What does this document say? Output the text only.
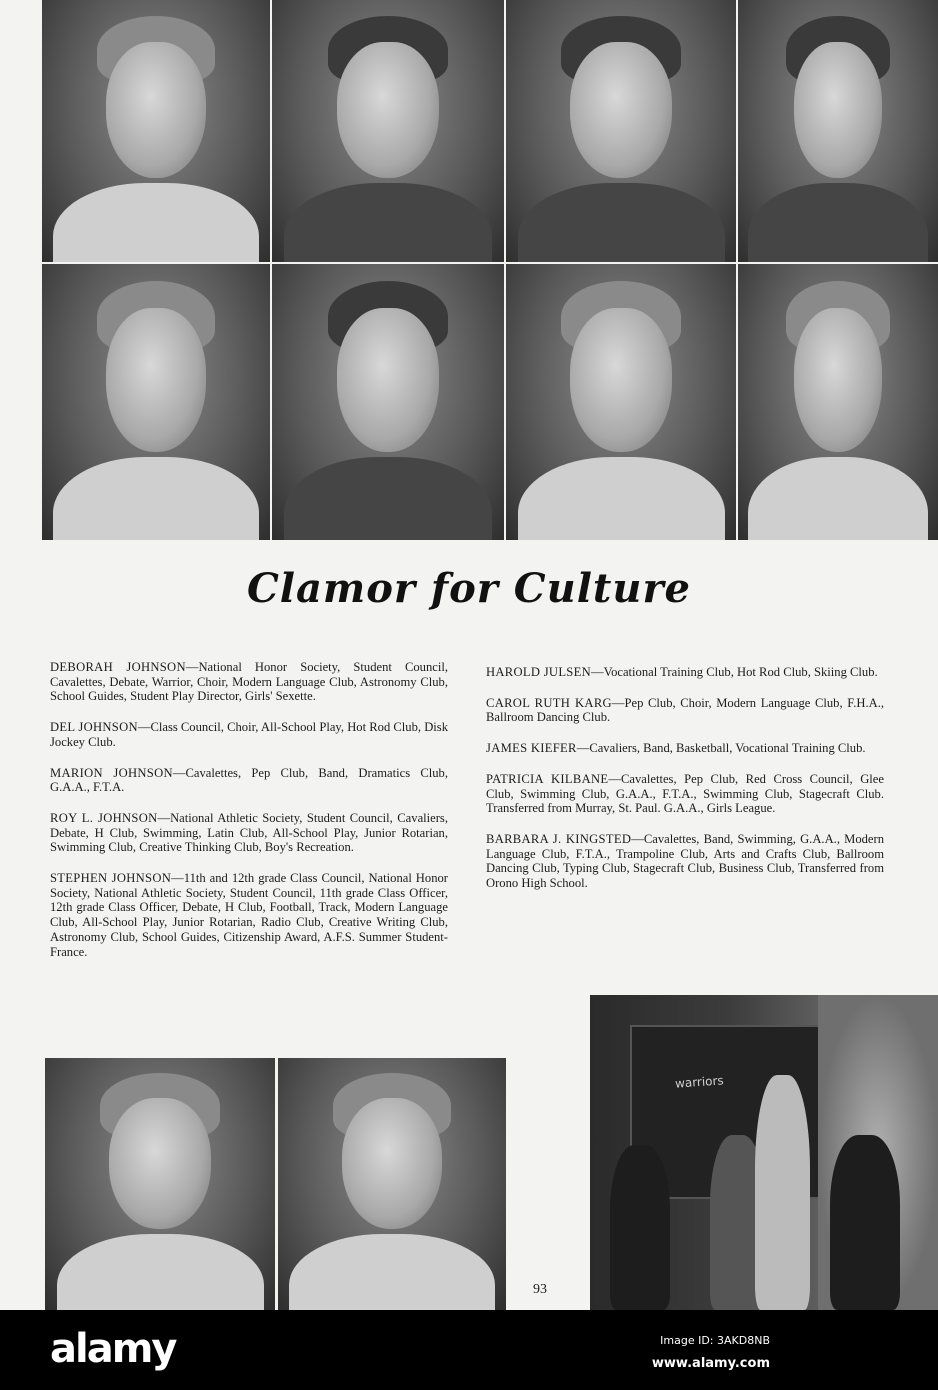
Clamor for Culture

DEBORAH JOHNSON—National Honor Society, Student Council, Cavalettes, Debate, Warrior, Choir, Modern Language Club, Astronomy Club, School Guides, Student Play Director, Girls' Sexette.

DEL JOHNSON—Class Council, Choir, All-School Play, Hot Rod Club, Disk Jockey Club.

MARION JOHNSON—Cavalettes, Pep Club, Band, Dramatics Club, G.A.A., F.T.A.

ROY L. JOHNSON—National Athletic Society, Student Council, Cavaliers, Debate, H Club, Swimming, Latin Club, All-School Play, Junior Rotarian, Swimming Club, Creative Thinking Club, Boy's Recreation.

STEPHEN JOHNSON—11th and 12th grade Class Council, National Honor Society, National Athletic Society, Student Council, 11th grade Class Officer, 12th grade Class Officer, Debate, H Club, Football, Track, Modern Language Club, All-School Play, Junior Rotarian, Radio Club, Creative Writing Club, Astronomy Club, School Guides, Citizenship Award, A.F.S. Summer Student-France.

HAROLD JULSEN—Vocational Training Club, Hot Rod Club, Skiing Club.

CAROL RUTH KARG—Pep Club, Choir, Modern Language Club, F.H.A., Ballroom Dancing Club.

JAMES KIEFER—Cavaliers, Band, Basketball, Vocational Training Club.

PATRICIA KILBANE—Cavalettes, Pep Club, Red Cross Council, Glee Club, Swimming Club, G.A.A., F.T.A., Swimming Club, Stagecraft Club. Transferred from Murray, St. Paul. G.A.A., Girls League.

BARBARA J. KINGSTED—Cavalettes, Band, Swimming, G.A.A., Modern Language Club, F.T.A., Trampoline Club, Arts and Crafts Club, Ballroom Dancing Club, Typing Club, Stagecraft Club, Business Club, Transferred from Orono High School.

warriors
93
alamy	Image ID: 3AKD8NB
www.alamy.com
